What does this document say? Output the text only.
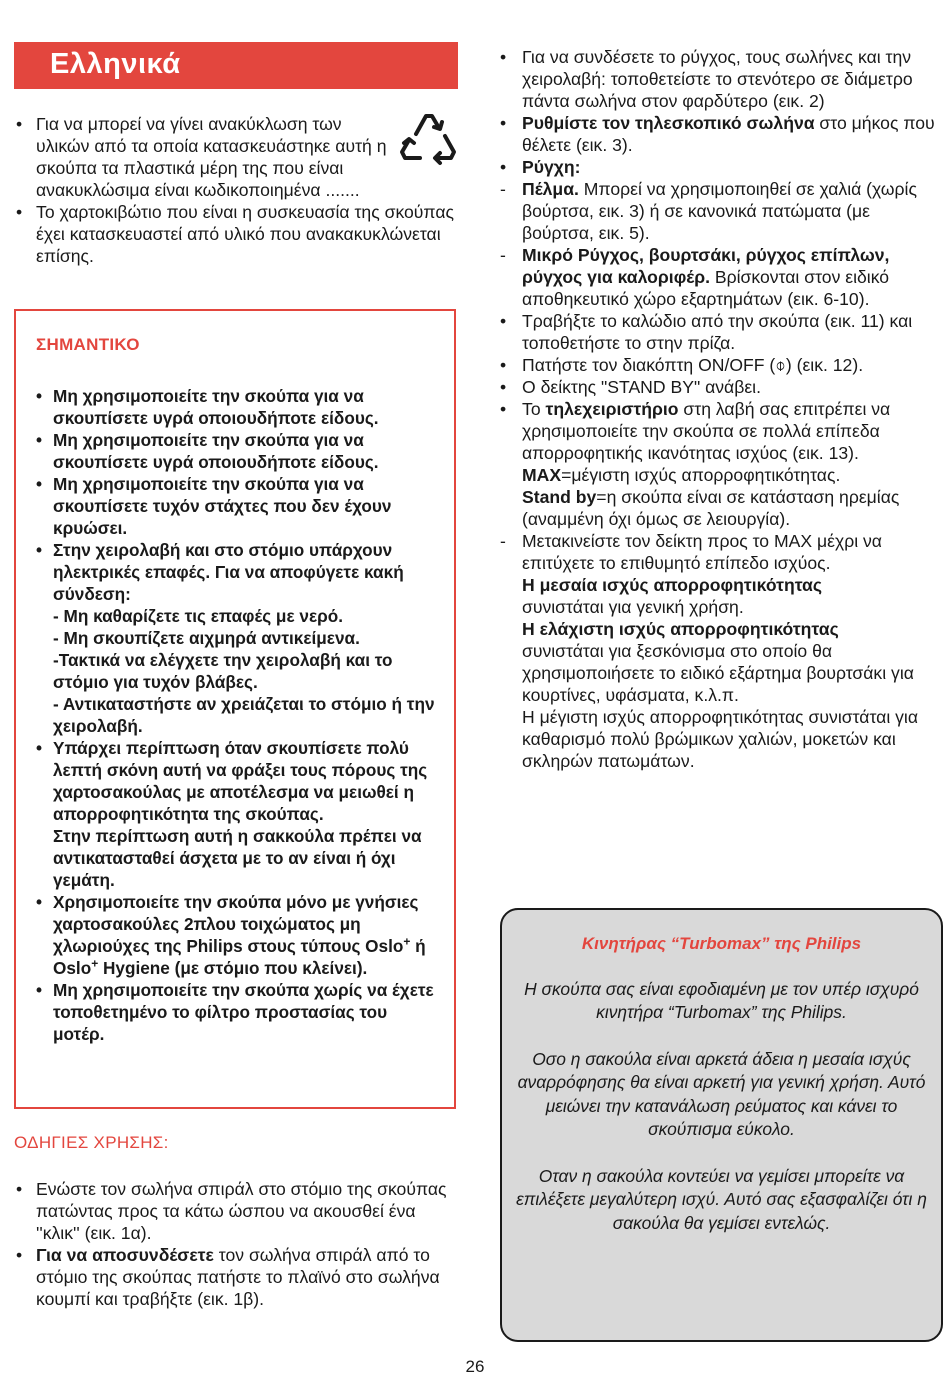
Ελληνικά
• Για να μπορεί να γίνει ανακύκλωση των υλικών από τα οποία κατασκευάστηκε αυτή η σκούπα τα πλαστικά μέρη της που είναι ανακυκλώσιμα είναι κωδικοποιημένα .......
• Το χαρτοκιβώτιο που είναι η συσκευασία της σκούπας έχει κατασκευαστεί από υλικό που ανακακυκλώνεται επίσης.
ΣΗΜΑΝΤΙΚΟ
• Μη χρησιμοποιείτε την σκούπα για να σκουπίσετε υγρά οποιουδήποτε είδους.
• Μη χρησιμοποιείτε την σκούπα για να σκουπίσετε υγρά οποιουδήποτε είδους.
• Μη χρησιμοποιείτε την σκούπα για να σκουπίσετε τυχόν στάχτες που δεν έχουν κρυώσει.
• Στην χειρολαβή και στο στόμιο υπάρχουν ηλεκτρικές επαφές. Για να αποφύγετε κακή σύνδεση:
- Μη καθαρίζετε τις επαφές με νερό.
- Μη σκουπίζετε αιχμηρά αντικείμενα.
-Τακτικά να ελέγχετε την χειρολαβή και το στόμιο για τυχόν βλάβες.
- Αντικαταστήστε αν χρειάζεται το στόμιο ή την χειρολαβή.
• Υπάρχει περίπτωση όταν σκουπίσετε πολύ λεπτή σκόνη αυτή να φράξει τους πόρους της χαρτοσακούλας με αποτέλεσμα να μειωθεί η απορροφητικότητα της σκούπας.
Στην περίπτωση αυτή η σακκούλα πρέπει να αντικατασταθεί άσχετα με το αν είναι ή όχι γεμάτη.
• Χρησιμοποιείτε την σκούπα μόνο με γνήσιες χαρτοσακούλες 2πλου τοιχώματος μη χλωριούχες της Philips στους τύπους Oslo+ ή Oslo+ Hygiene (με στόμιο που κλείνει).
• Μη χρησιμοποιείτε την σκούπα χωρίς να έχετε τοποθετημένο το φίλτρο προστασίας του μοτέρ.
ΟΔΗΓΙΕΣ ΧΡΗΣΗΣ:
• Ενώστε τον σωλήνα σπιράλ στο στόμιο της σκούπας πατώντας προς τα κάτω ώσπου να ακουσθεί ένα ''κλικ'' (εικ. 1α).
• Για να αποσυνδέσετε τον σωλήνα σπιράλ από το στόμιο της σκούπας πατήστε το πλαϊνό στο σωλήνα κουμπί και τραβήξτε (εικ. 1β).
• Για να συνδέσετε το ρύγχος, τους σωλήνες και την χειρολαβή: τοποθετείστε το στενότερο σε διάμετρο πάντα σωλήνα στον φαρδύτερο (εικ. 2)
• Ρυθμίστε τον τηλεσκοπικό σωλήνα στο μήκος που θέλετε (εικ. 3).
• Ρύγχη:
- Πέλμα. Μπορεί να χρησιμοποιηθεί σε χαλιά (χωρίς βούρτσα, εικ. 3) ή σε κανονικά πατώματα (με βούρτσα, εικ. 5).
- Μικρό Ρύγχος, βουρτσάκι, ρύγχος επίπλων, ρύγχος για καλοριφέρ. Βρίσκονται στον ειδικό αποθηκευτικό χώρο εξαρτημάτων (εικ. 6-10).
• Τραβήξτε το καλώδιο από την σκούπα (εικ. 11) και τοποθετήστε το στην πρίζα.
• Πατήστε τον διακόπτη ΟΝ/OFF (⌽) (εικ. 12).
• Ο δείκτης "STAND BY" ανάβει.
• Το τηλεχειριστήριο στη λαβή σας επιτρέπει να χρησιμοποιείτε την σκούπα σε πολλά επίπεδα απορροφητικής ικανότητας ισχύος (εικ. 13).
MAX=μέγιστη ισχύς απορροφητικότητας.
Stand by=η σκούπα είναι σε κατάσταση ηρεμίας (αναμμένη όχι όμως σε λειουργία).
- Μετακινείστε τον δείκτη προς το MAX μέχρι να επιτύχετε το επιθυμητό επίπεδο ισχύος.
Η μεσαία ισχύς απορροφητικότητας
συνιστάται για γενική χρήση.
Η ελάχιστη ισχύς απορροφητικότητας
συνιστάται για ξεσκόνισμα στο οποίο θα χρησιμοποιήσετε το ειδικό εξάρτημα βουρτσάκι για κουρτίνες, υφάσματα, κ.λ.π.
Η μέγιστη ισχύς απορροφητικότητας συνιστάται για καθαρισμό πολύ βρώμικων χαλιών, μοκετών και σκληρών πατωμάτων.
Κινητήρας “Turbomax” της Philips

Η σκούπα σας είναι εφοδιαμένη με τον υπέρ ισχυρό κινητήρα “Turbomax” της Philips.

Οσο η σακούλα είναι αρκετά άδεια η μεσαία ισχύς αναρρόφησης θα είναι αρκετή για γενική χρήση. Αυτό μειώνει την κατανάλωση ρεύματος και κάνει το σκούπισμα εύκολο.

Οταν η σακούλα κοντεύει να γεμίσει μπορείτε να επιλέξετε μεγαλύτερη ισχύ. Αυτό σας εξασφαλίζει ότι η σακούλα θα γεμίσει εντελώς.

26
